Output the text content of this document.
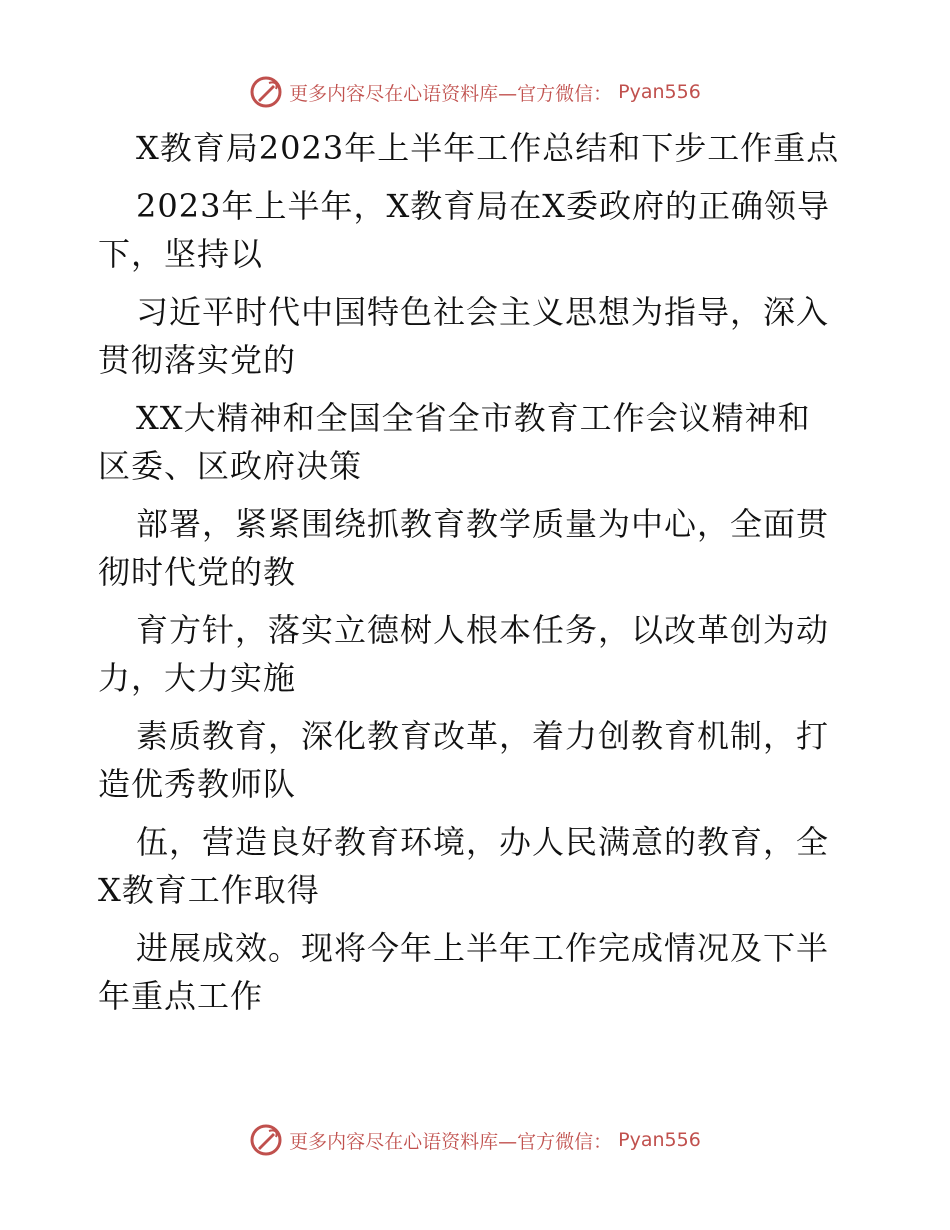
更多内容尽在心语资料库—官方微信： Pyan556
X教育局2023年上半年工作总结和下步工作重点
2023年上半年，X教育局在X委政府的正确领导
下，坚持以
习近平时代中国特色社会主义思想为指导，深入
贯彻落实党的
XX大精神和全国全省全市教育工作会议精神和
区委、区政府决策
部署，紧紧围绕抓教育教学质量为中心，全面贯
彻时代党的教
育方针，落实立德树人根本任务，以改革创为动
力，大力实施
素质教育，深化教育改革，着力创教育机制，打
造优秀教师队
伍，营造良好教育环境，办人民满意的教育，全
X教育工作取得
进展成效。现将今年上半年工作完成情况及下半
年重点工作
更多内容尽在心语资料库—官方微信： Pyan556
